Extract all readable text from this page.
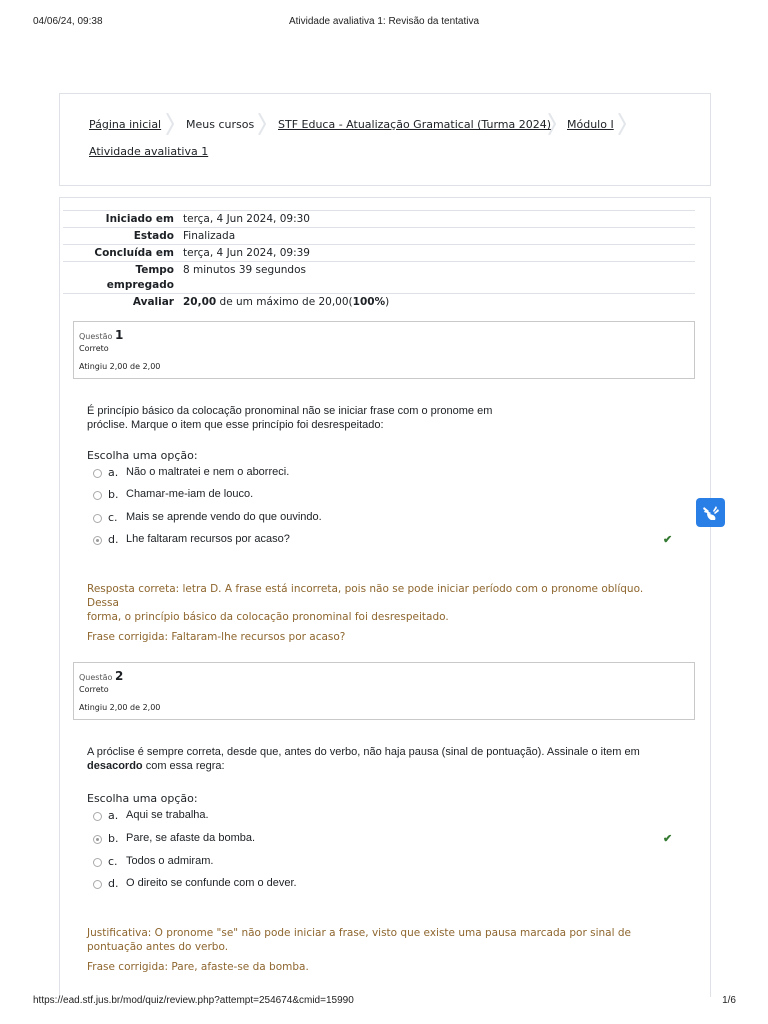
04/06/24, 09:38	Atividade avaliativa 1: Revisão da tentativa
Página inicial Meus cursos STF Educa - Atualização Gramatical (Turma 2024) Módulo I
Atividade avaliativa 1
Iniciado em terça, 4 Jun 2024, 09:30
Estado Finalizada
Concluída em terça, 4 Jun 2024, 09:39
Tempo
empregado
8 minutos 39 segundos
Avaliar 20,00 de um máximo de 20,00(100%)
Questão 1
Correto
Atingiu 2,00 de 2,00
É princípio básico da colocação pronominal não se iniciar frase com o pronome em
próclise. Marque o item que esse princípio foi desrespeitado:
Escolha uma opção:
a. Não o maltratei e nem o aborreci.
b. Chamar-me-iam de louco.
c. Mais se aprende vendo do que ouvindo.
d. Lhe faltaram recursos por acaso?	✔
Resposta correta: letra D. A frase está incorreta, pois não se pode iniciar período com o pronome oblíquo. Dessa
forma, o princípio básico da colocação pronominal foi desrespeitado.
Frase corrigida: Faltaram-lhe recursos por acaso?
Questão 2
Correto
Atingiu 2,00 de 2,00
A próclise é sempre correta, desde que, antes do verbo, não haja pausa (sinal de pontuação). Assinale o item em
desacordo com essa regra:
Escolha uma opção:
a. Aqui se trabalha.
b. Pare, se afaste da bomba.	✔
c. Todos o admiram.
d. O direito se confunde com o dever.
Justificativa: O pronome "se" não pode iniciar a frase, visto que existe uma pausa marcada por sinal de
pontuação antes do verbo.
Frase corrigida: Pare, afaste-se da bomba.
https://ead.stf.jus.br/mod/quiz/review.php?attempt=254674&cmid=15990	1/6
